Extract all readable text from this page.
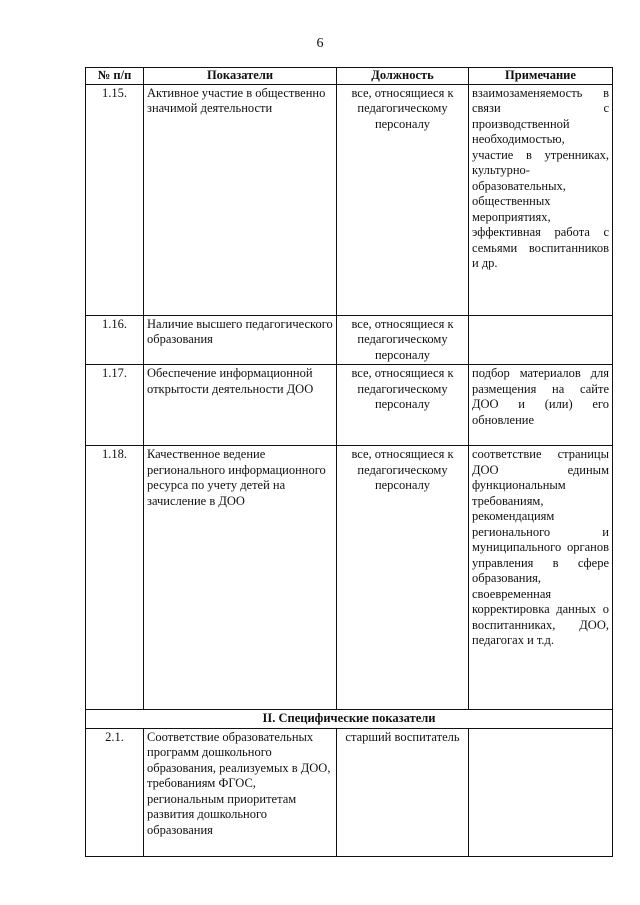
6
№ п/п	Показатели	Должность	Примечание
1.15.	Активное участие в общественно значимой деятельности	все, относящиеся к педагогическому персоналу	взаимозаменяемость в связи с производственной необходимостью, участие в утренниках, культурно-образовательных, общественных мероприятиях, эффективная работа с семьями воспитанников и др.
1.16.	Наличие высшего педагогического образования	все, относящиеся к педагогическому персоналу	
1.17.	Обеспечение информационной открытости деятельности ДОО	все, относящиеся к педагогическому персоналу	подбор материалов для размещения на сайте ДОО и (или) его обновление
1.18.	Качественное ведение регионального информационного ресурса по учету детей на зачисление в ДОО	все, относящиеся к педагогическому персоналу	соответствие страницы ДОО единым функциональным требованиям, рекомендациям регионального и муниципального органов управления в сфере образования, своевременная корректировка данных о воспитанниках, ДОО, педагогах и т.д.
II. Специфические показатели			
2.1.	Соответствие образовательных программ дошкольного образования, реализуемых в ДОО, требованиям ФГОС, региональным приоритетам развития дошкольного образования	старший воспитатель	
